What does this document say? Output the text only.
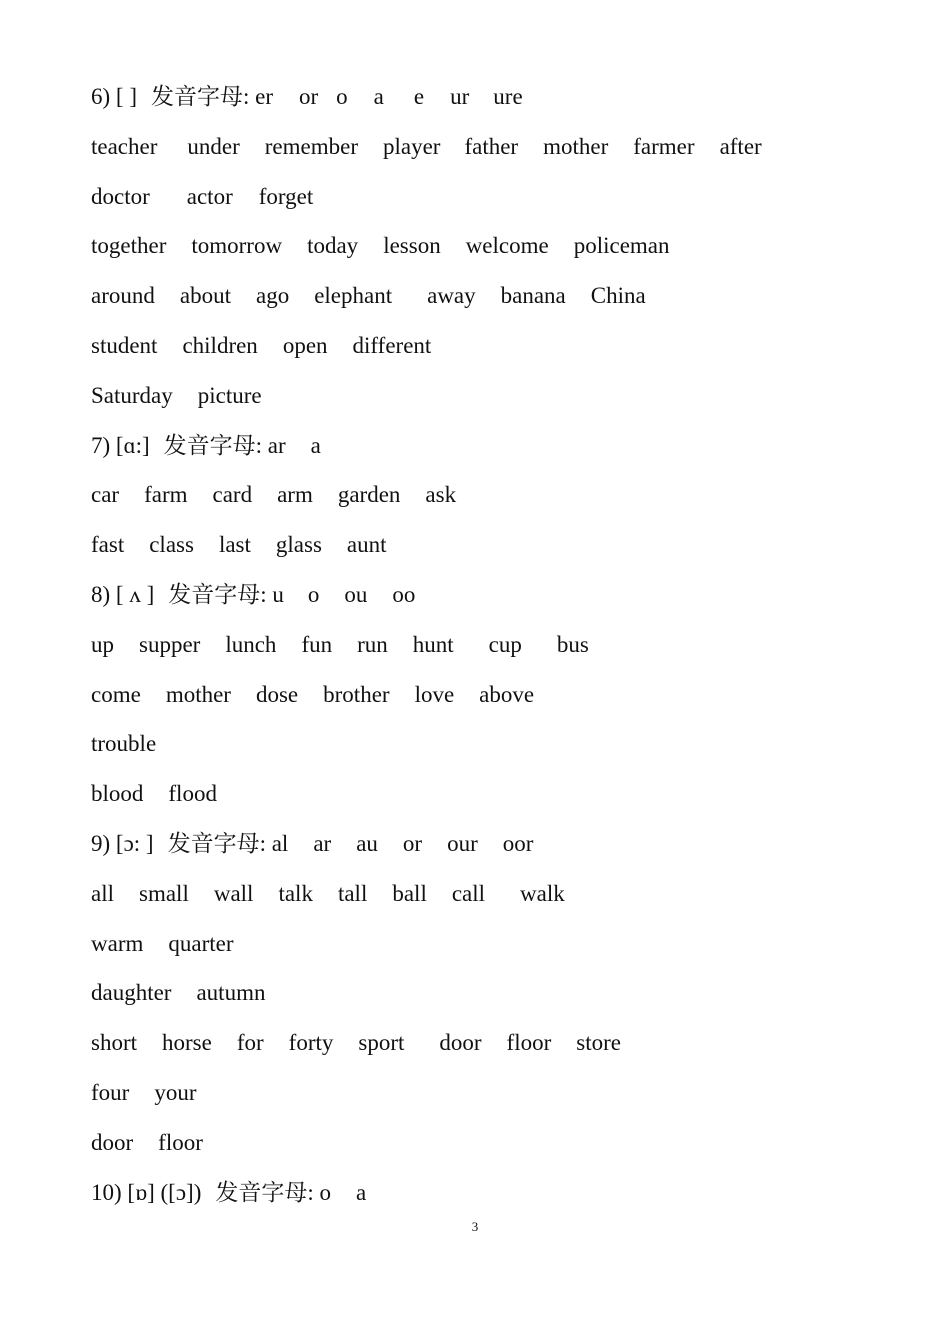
6) [ ] 发音字母: er or o a e ur ure
teacher under remember player father mother farmer after
doctor actor forget
together tomorrow today lesson welcome policeman
around about ago elephant away banana China
student children open different
Saturday picture
7) [ɑ:] 发音字母: ar a
car farm card arm garden ask
fast class last glass aunt
8) [ ʌ ] 发音字母: u o ou oo
up supper lunch fun run hunt cup bus
come mother dose brother love above
trouble
blood flood
9) [ɔ: ] 发音字母: al ar au or our oor
all small wall talk tall ball call walk
warm quarter
daughter autumn
short horse for forty sport door floor store
four your
door floor
10) [ɒ] ([ɔ]) 发音字母: o a
3
